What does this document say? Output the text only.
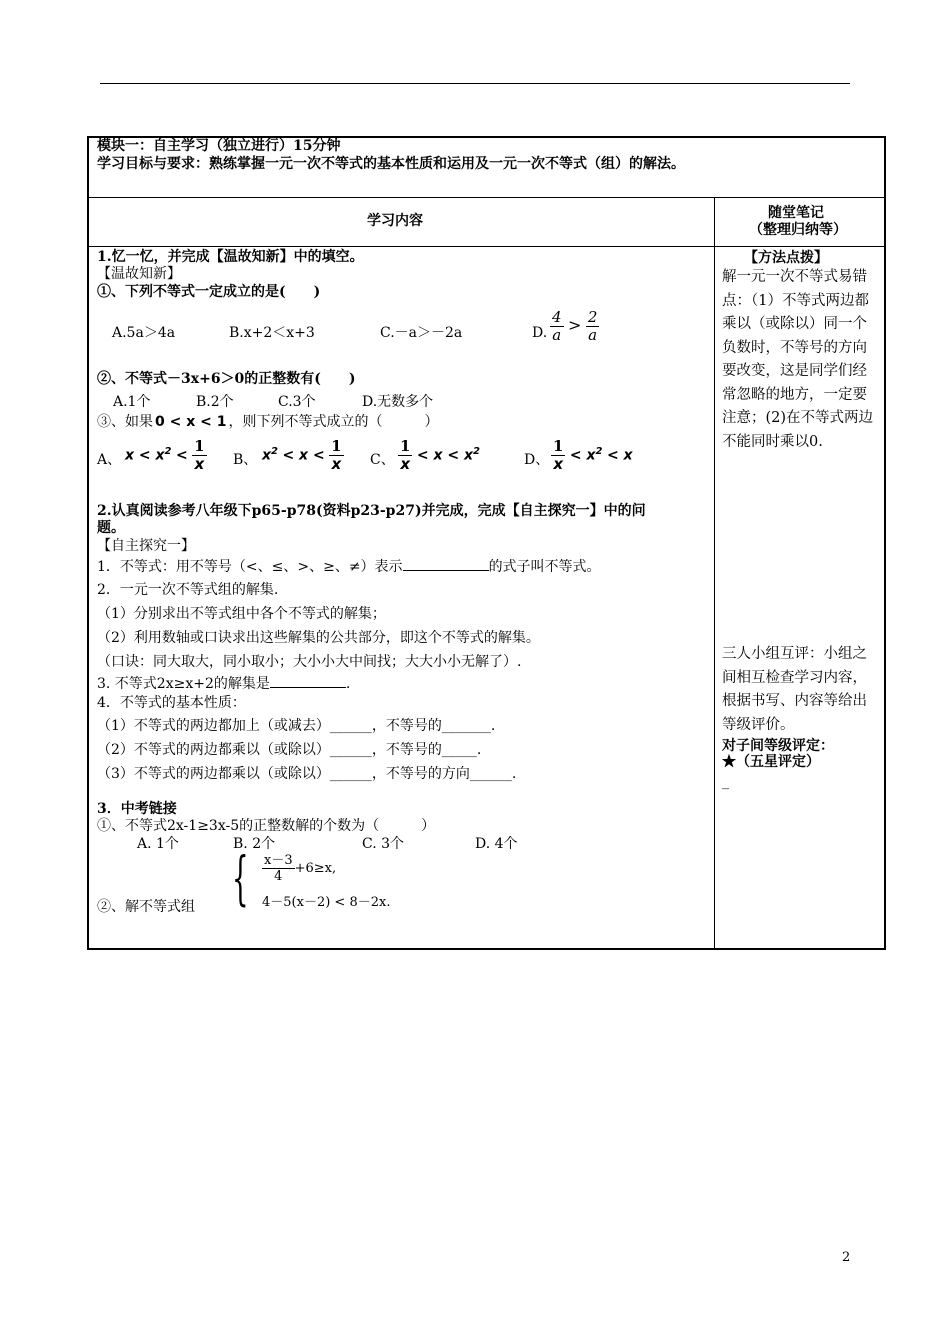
模块一：自主学习（独立进行）15分钟
学习目标与要求：熟练掌握一元一次不等式的基本性质和运用及一元一次不等式（组）的解法。
学习内容	随堂笔记
（整理归纳等）
1.忆一忆，并完成【温故知新】中的填空。
【温故知新】
①、下列不等式一定成立的是(　　)
A.5a＞4a	B.x+2＜x+3	C.－a＞－2a	D. $\frac{4}{a} > \frac{2}{a}$
②、不等式－3x+6＞0的正整数有(　　)
A.1个	B.2个	C.3个	D.无数多个
③、如果 0 < x < 1 ，则下列不等式成立的（　　　）
A、 $x < x^2 < \frac{1}{x}$ B、 $x^2 < x < \frac{1}{x}$ C、 $\frac{1}{x} < x < x^2$
D、 $\frac{1}{x} < x^2 < x$
2.认真阅读参考八年级下p65-p78(资料p23-p27)并完成，完成【自主探究一】中的问
题。
【自主探究一】
1．不等式：用不等号（<、≤、>、≥、≠）表示	的式子叫不等式。
2．一元一次不等式组的解集.
（1）分别求出不等式组中各个不等式的解集；
（2）利用数轴或口诀求出这些解集的公共部分，即这个不等式的解集。
（口诀：同大取大，同小取小；大小小大中间找；大大小小无解了）.
3. 不等式2x≥x+2的解集是	.
4．不等式的基本性质：
（1）不等式的两边都加上（或减去）______，不等号的_______.
（2）不等式的两边都乘以（或除以）______，不等号的_____.
（3）不等式的两边都乘以（或除以）______，不等号的方向______.
3．中考链接
①、不等式2x-1≥3x-5的正整数解的个数为（　　　）
A. 1个	B. 2个	C. 3个	D. 4个
②、解不等式组 { $\frac{x-3}{4} +6\ge x$,
4－5(x－2) < 8－2x.
【方法点拨】
解一元一次不等式易错点：（1）不等式两边都乘以（或除以）同一个负数时，不等号的方向要改变，这是同学们经常忽略的地方，一定要注意；(2)在不等式两边不能同时乘以0.
三人小组互评：小组之间相互检查学习内容，根据书写、内容等给出等级评价。
对子间等级评定：
★（五星评定）
_
2
